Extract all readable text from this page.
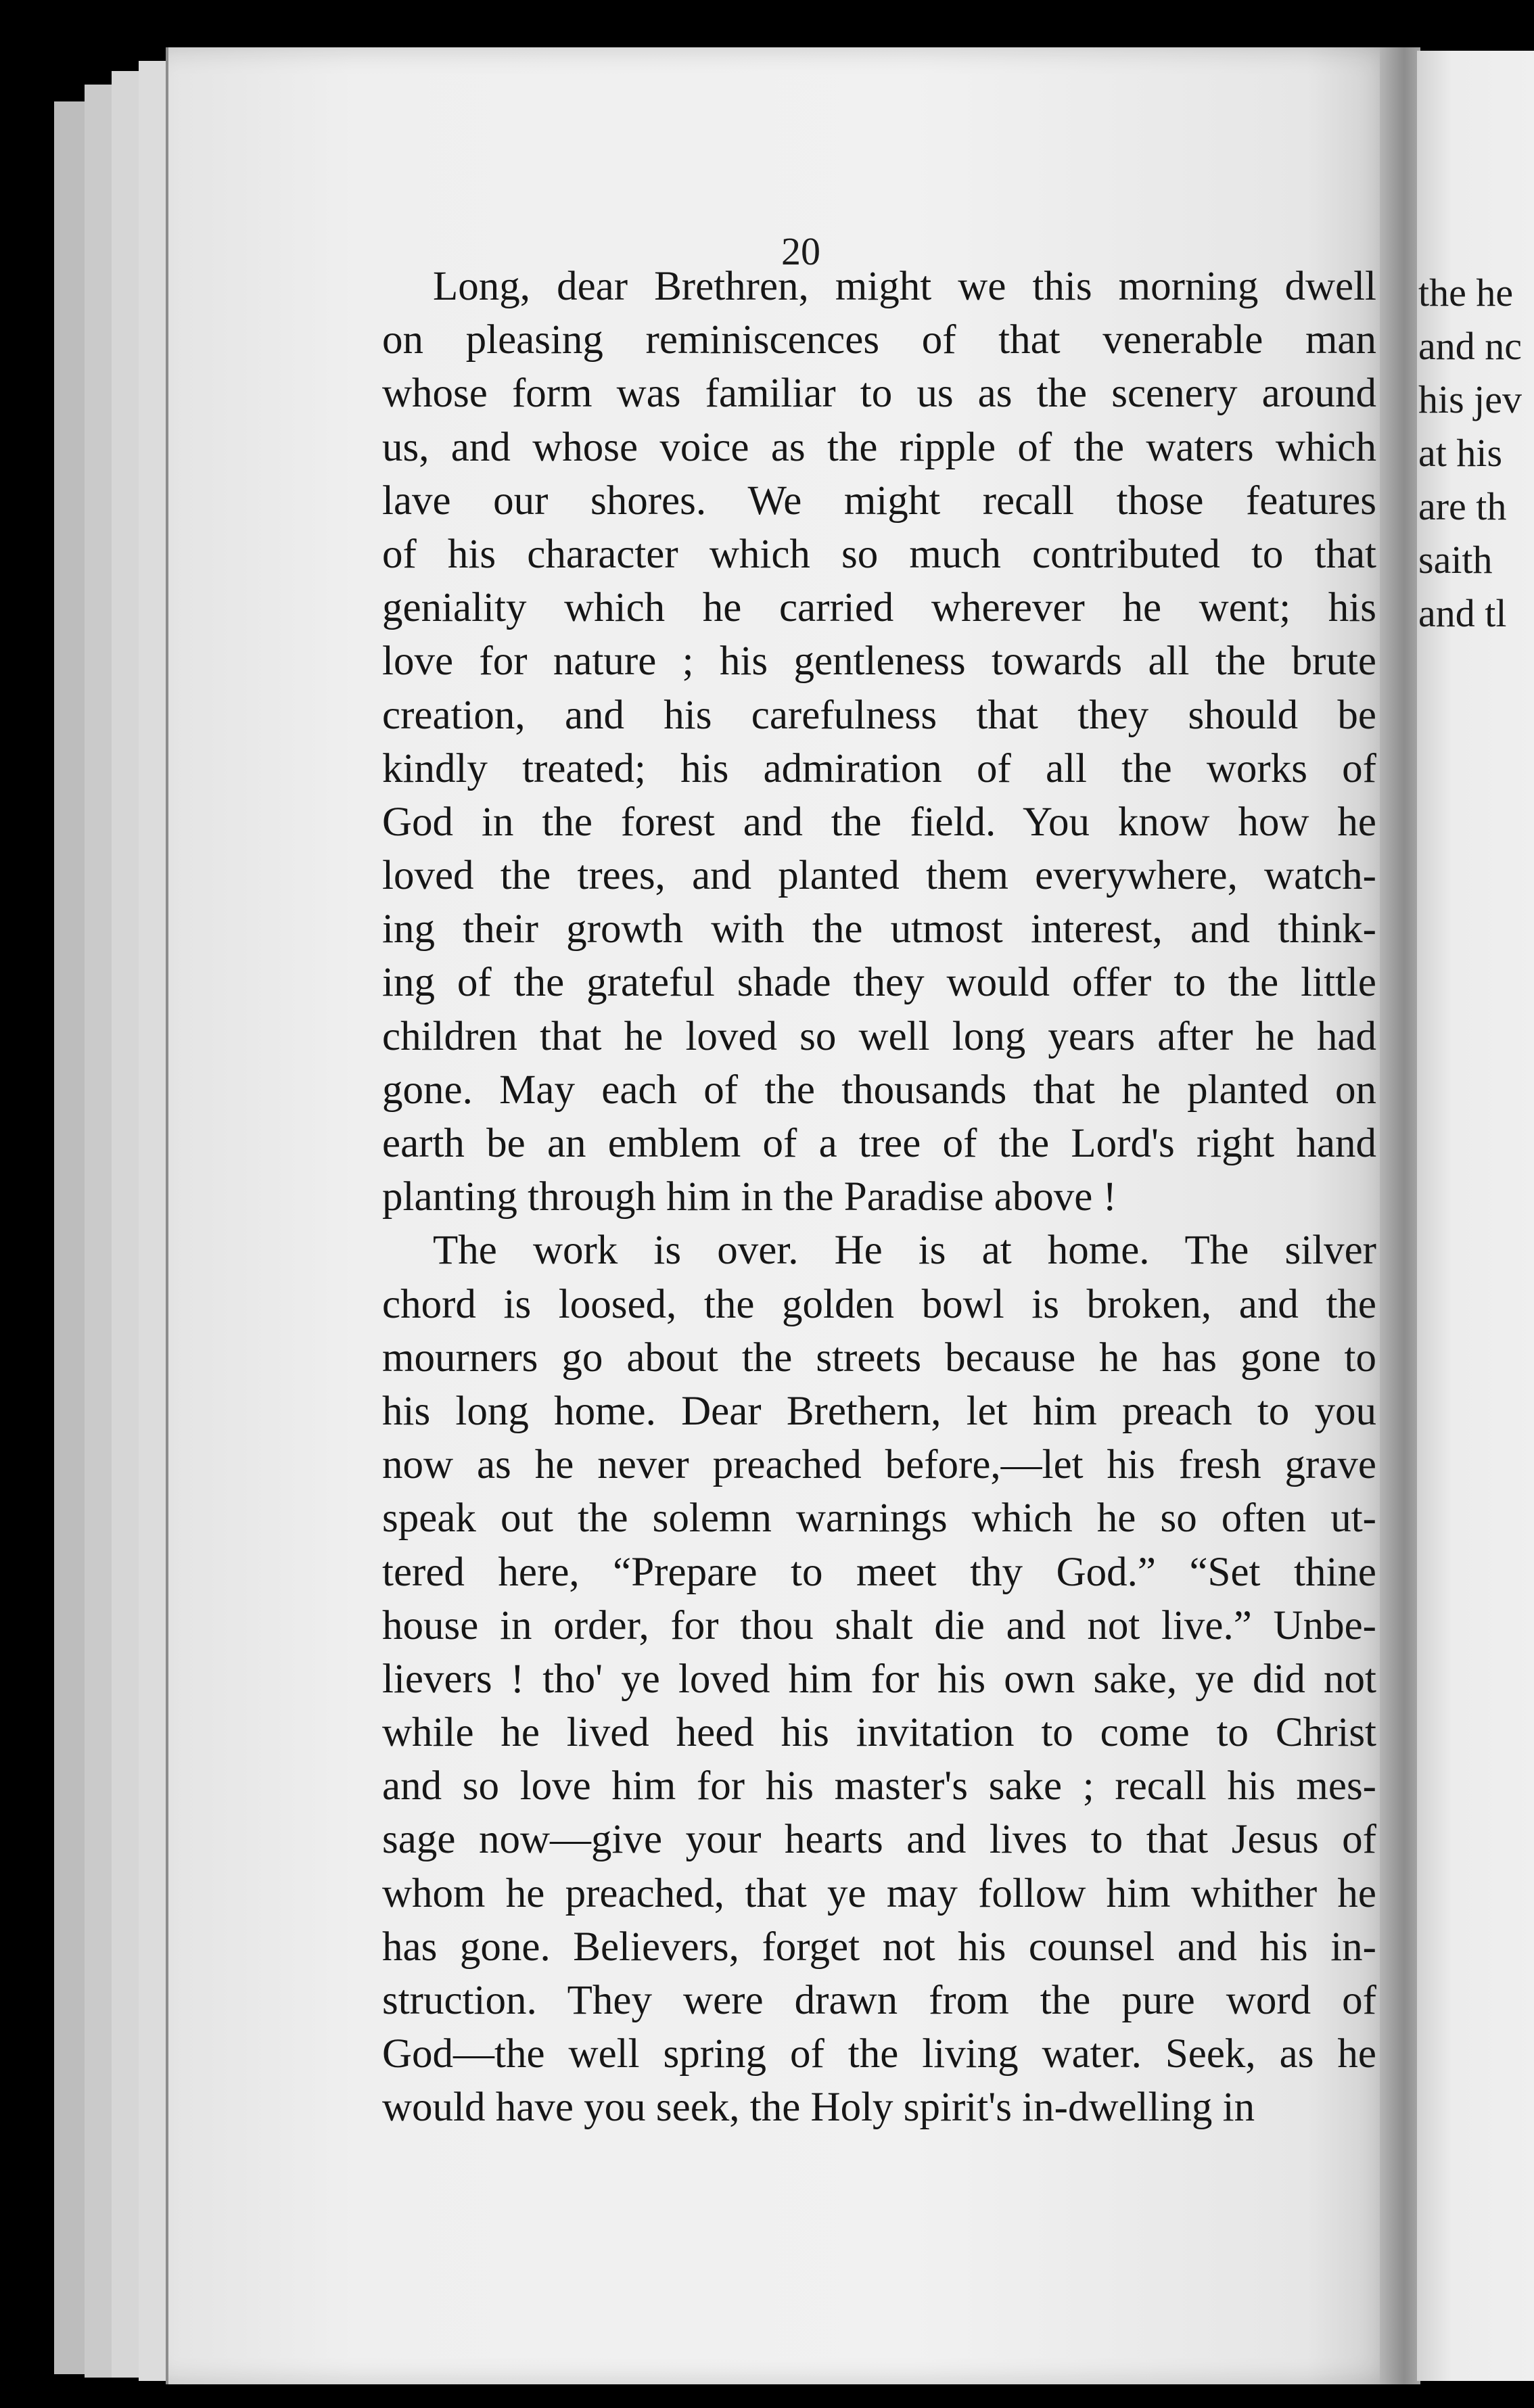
20
Long, dear Brethren, might we this morning dwell
on pleasing reminiscences of that venerable man
whose form was familiar to us as the scenery around
us, and whose voice as the ripple of the waters which
lave our shores. We might recall those features
of his character which so much contributed to that
geniality which he carried wherever he went; his
love for nature ; his gentleness towards all the brute
creation, and his carefulness that they should be
kindly treated; his admiration of all the works of
God in the forest and the field. You know how he
loved the trees, and planted them everywhere, watch-
ing their growth with the utmost interest, and think-
ing of the grateful shade they would offer to the little
children that he loved so well long years after he had
gone. May each of the thousands that he planted on
earth be an emblem of a tree of the Lord's right hand
planting through him in the Paradise above !
The work is over. He is at home. The silver
chord is loosed, the golden bowl is broken, and the
mourners go about the streets because he has gone to
his long home. Dear Brethern, let him preach to you
now as he never preached before,—let his fresh grave
speak out the solemn warnings which he so often ut-
tered here, “Prepare to meet thy God.” “Set thine
house in order, for thou shalt die and not live.” Unbe-
lievers ! tho' ye loved him for his own sake, ye did not
while he lived heed his invitation to come to Christ
and so love him for his master's sake ; recall his mes-
sage now—give your hearts and lives to that Jesus of
whom he preached, that ye may follow him whither he
has gone. Believers, forget not his counsel and his in-
struction. They were drawn from the pure word of
God—the well spring of the living water. Seek, as he
would have you seek, the Holy spirit's in-dwelling in
the he
and nc
his jev
at his
are th
saith
and tl
